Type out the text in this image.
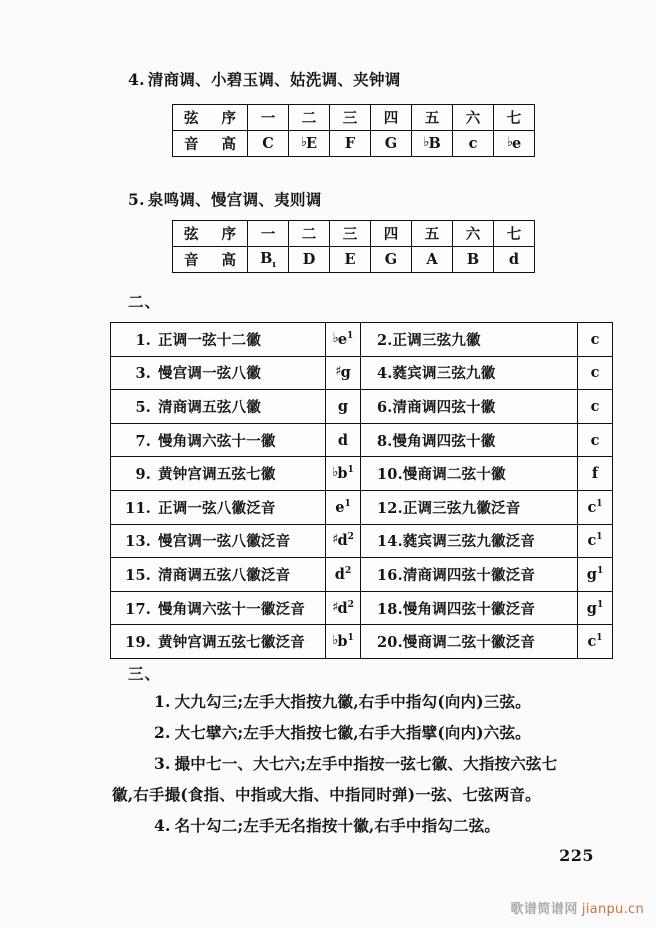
4. 清商调、小碧玉调、姑洗调、夹钟调
弦 序	一	二	三	四	五	六	七
音 高	C	♭E	F	G	♭B	c	♭e
5. 泉鸣调、慢宫调、夷则调
弦 序	一	二	三	四	五	六	七
音 高	$B_ı$	D	E	G	A	B	d
二、
1. 正调一弦十二徽	$♭e^1$	2.正调三弦九徽	c
3. 慢宫调一弦八徽	♯g	4.蕤宾调三弦九徽	c
5. 清商调五弦八徽	g	6.清商调四弦十徽	c
7. 慢角调六弦十一徽	d	8.慢角调四弦十徽	c
9. 黄钟宫调五弦七徽	$♭b^1$	10.慢商调二弦十徽	f
11. 正调一弦八徽泛音	$e^1$	12.正调三弦九徽泛音	$c^1$
13. 慢宫调一弦八徽泛音	$♯d^2$	14.蕤宾调三弦九徽泛音	$c^1$
15. 清商调五弦八徽泛音	$d^2$	16.清商调四弦十徽泛音	$g^1$
17. 慢角调六弦十一徽泛音	$♯d^2$	18.慢角调四弦十徽泛音	$g^1$
19. 黄钟宫调五弦七徽泛音	$♭b^1$	20.慢商调二弦十徽泛音	$c^1$
三、
1. 大九勾三;左手大指按九徽,右手中指勾(向内)三弦。
2. 大七擘六;左手大指按七徽,右手大指擘(向内)六弦。
3. 撮中七一、大七六;左手中指按一弦七徽、大指按六弦七
徽,右手撮(食指、中指或大指、中指同时弹)一弦、七弦两音。
4. 名十勾二;左手无名指按十徽,右手中指勾二弦。
225
歌谱简谱网 jianpu.cn
